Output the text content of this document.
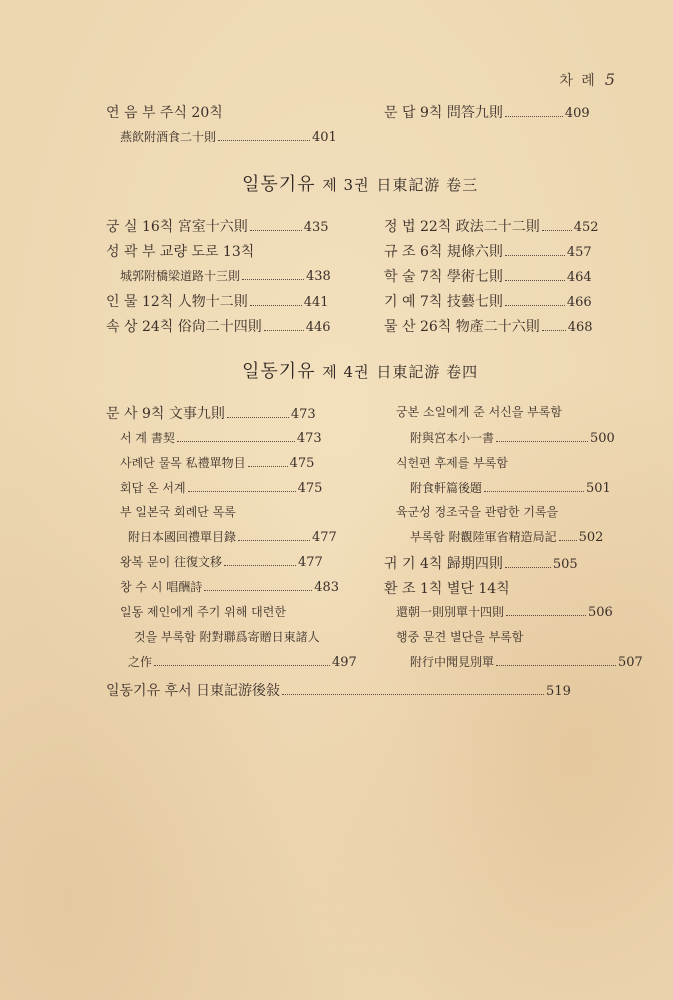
차 례 5
연 음 부 주식 20칙
燕飮附酒食二十則	401
문 답 9칙 問答九則	409
일동기유 제 3권 日東記游 卷三
궁 실 16칙 宮室十六則	435
성 곽 부 교량 도로 13칙
城郭附橋梁道路十三則	438
인 물 12칙 人物十二則	441
속 상 24칙 俗尙二十四則	446
정 법 22칙 政法二十二則	452
규 조 6칙 規條六則	457
학 술 7칙 學術七則	464
기 예 7칙 技藝七則	466
물 산 26칙 物產二十六則 468
일동기유 제 4권 日東記游 卷四
문 사 9칙 文事九則	473
서 계 書契	473
사례단 물목 私禮單物目	475
회답 온 서계	475
부 일본국 회례단 목록
附日本國回禮單目錄	477
왕복 문이 往復文移	477
창 수 시 唱酬詩	483
일동 제인에게 주기 위해 대련한
것을 부록함 附對聯爲寄贈日東諸人
之作	497
궁본 소일에게 준 서신을 부록함
附與宮本小一書	500
식헌편 후제를 부록함
附食軒篇後題	501
육군성 정조국을 관람한 기록을
부록함 附觀陸軍省精造局記 502
귀 기 4칙 歸期四則	505
환 조 1칙 별단 14칙
還朝一則別單十四則	506
행중 문견 별단을 부록함
附行中聞見別單	507
일동기유 후서 日東記游後敍	519
